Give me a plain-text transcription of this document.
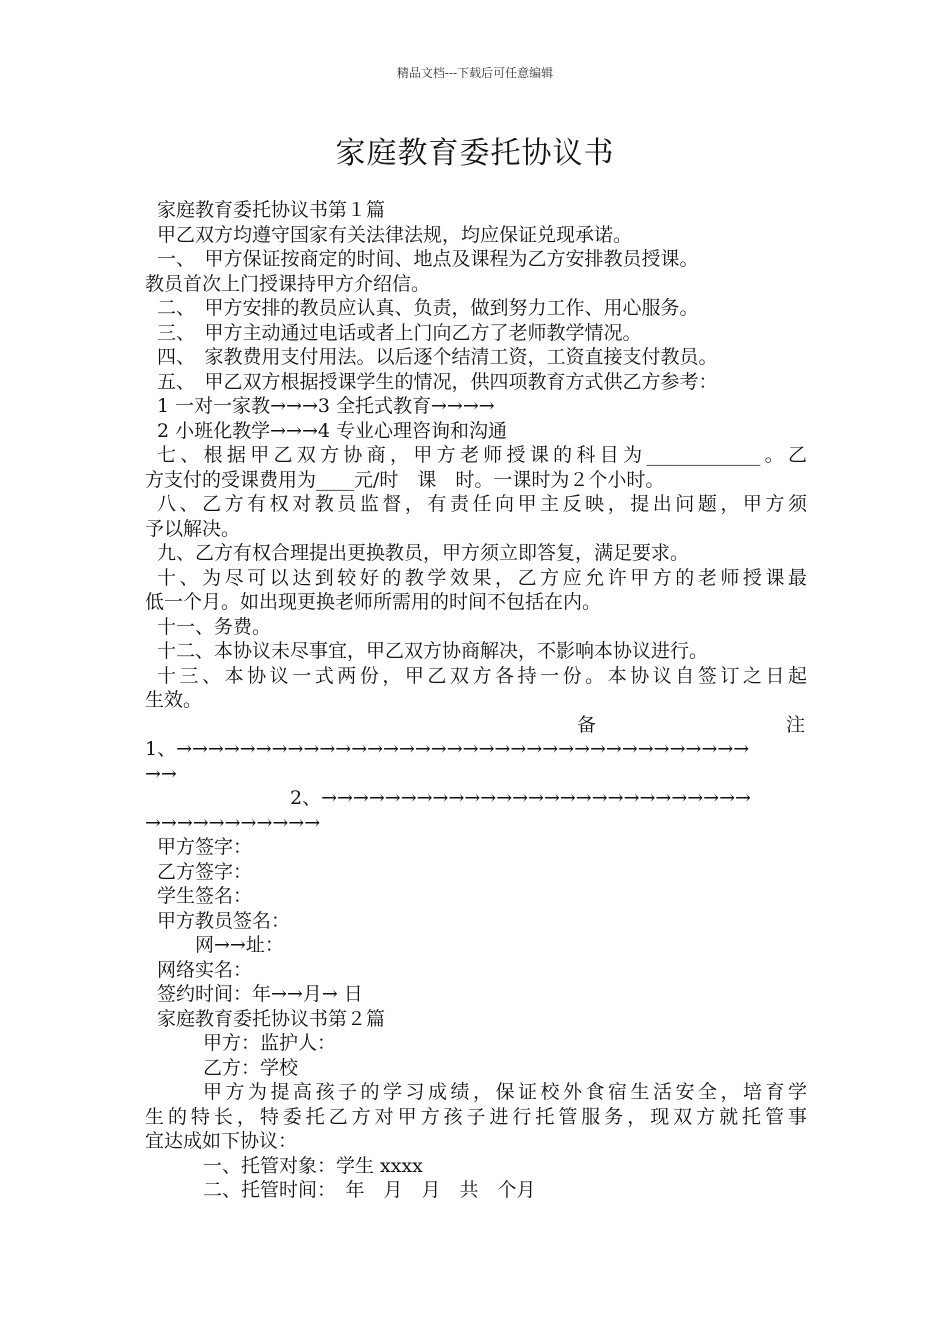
精品文档---下载后可任意编辑
家庭教育委托协议书
家庭教育委托协议书第１篇
甲乙双方均遵守国家有关法律法规，均应保证兑现承诺。
一、　甲方保证按商定的时间、地点及课程为乙方安排教员授课。
教员首次上门授课持甲方介绍信。
二、　甲方安排的教员应认真、负责，做到努力工作、用心服务。
三、　甲方主动通过电话或者上门向乙方了老师教学情况。
四、　家教费用支付用法。以后逐个结清工资，工资直接支付教员。
五、　甲乙双方根据授课学生的情况，供四项教育方式供乙方参考：
1 一对一家教→→→3 全托式教育→→→→
2 小班化教学→→→4 专业心理咨询和沟通
七、根据甲乙双方协商，甲方老师授课的科目为____________。乙
方支付的受课费用为____元/时　课　时。一课时为２个小时。
八、乙方有权对教员监督，有责任向甲主反映，提出问题，甲方须
予以解决。
九、乙方有权合理提出更换教员，甲方须立即答复，满足要求。
十、为尽可以达到较好的教学效果，乙方应允许甲方的老师授课最
低一个月。如出现更换老师所需用的时间不包括在内。
十一、务费。
十二、本协议未尽事宜，甲乙双方协商解决，不影响本协议进行。
十三、本协议一式两份，甲乙双方各持一份。本协议自签订之日起
生效。
备　　　　　　　　　　注
1、→→→→→→→→→→→→→→→→→→→→→→→→→→→→→→→→→→→→
→→
2、→→→→→→→→→→→→→→→→→→→→→→→→→→→
→→→→→→→→→→→
甲方签字：
乙方签字：
学生签名：
甲方教员签名：
　　网→→址：
网络实名：
签约时间：年→→月→ 日
家庭教育委托协议书第２篇
甲方：监护人：
乙方：学校
甲方为提高孩子的学习成绩，保证校外食宿生活安全，培育学
生的特长，特委托乙方对甲方孩子进行托管服务，现双方就托管事
宜达成如下协议：
一、托管对象：学生 xxxx
二、托管时间：　年　月　月　共　个月
